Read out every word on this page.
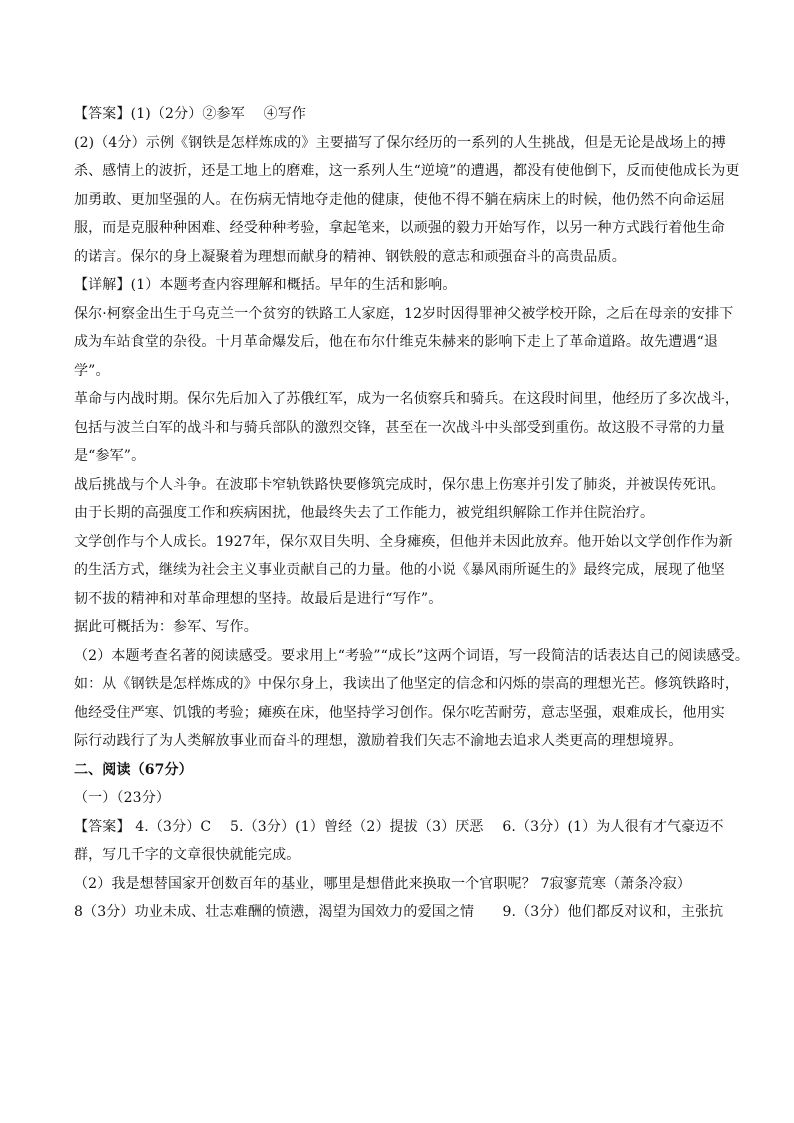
【答案】(1)（2分）②参军　 ④写作
(2)（4分）示例《钢铁是怎样炼成的》主要描写了保尔经历的一系列的人生挑战，但是无论是战场上的搏
杀、感情上的波折，还是工地上的磨难，这一系列人生“逆境”的遭遇，都没有使他倒下，反而使他成长为更
加勇敢、更加坚强的人。在伤病无情地夺走他的健康，使他不得不躺在病床上的时候，他仍然不向命运屈
服，而是克服种种困难、经受种种考验，拿起笔来，以顽强的毅力开始写作，以另一种方式践行着他生命
的诺言。保尔的身上凝聚着为理想而献身的精神、钢铁般的意志和顽强奋斗的高贵品质。
【详解】(1）本题考查内容理解和概括。早年的生活和影响。
保尔·柯察金出生于乌克兰一个贫穷的铁路工人家庭，12岁时因得罪神父被学校开除，之后在母亲的安排下
成为车站食堂的杂役。十月革命爆发后，他在布尔什维克朱赫来的影响下走上了革命道路。故先遭遇“退
学”。
革命与内战时期。保尔先后加入了苏俄红军，成为一名侦察兵和骑兵。在这段时间里，他经历了多次战斗，
包括与波兰白军的战斗和与骑兵部队的激烈交锋，甚至在一次战斗中头部受到重伤。故这股不寻常的力量
是“参军”。
战后挑战与个人斗争。在波耶卡窄轨铁路快要修筑完成时，保尔患上伤寒并引发了肺炎，并被误传死讯。
由于长期的高强度工作和疾病困扰，他最终失去了工作能力，被党组织解除工作并住院治疗。
文学创作与个人成长。1927年，保尔双目失明、全身瘫痪，但他并未因此放弃。他开始以文学创作作为新
的生活方式，继续为社会主义事业贡献自己的力量。他的小说《暴风雨所诞生的》最终完成，展现了他坚
韧不拔的精神和对革命理想的坚持。故最后是进行“写作”。
据此可概括为：参军、写作。
（2）本题考查名著的阅读感受。要求用上“考验”“成长”这两个词语，写一段简洁的话表达自己的阅读感受。
如：从《钢铁是怎样炼成的》中保尔身上，我读出了他坚定的信念和闪烁的崇高的理想光芒。修筑铁路时，
他经受住严寒、饥饿的考验；瘫痪在床，他坚持学习创作。保尔吃苦耐劳，意志坚强，艰难成长，他用实
际行动践行了为人类解放事业而奋斗的理想，激励着我们矢志不渝地去追求人类更高的理想境界。
二、阅读（67分）
（一）（23分）
【答案】 4.（3分）C　 5.（3分）(1）曾经（2）提拔（3）厌恶　 6.（3分）(1）为人很有才气豪迈不
群，写几千字的文章很快就能完成。
（2）我是想替国家开创数百年的基业，哪里是想借此来换取一个官职呢？ 7寂寥荒寒（萧条冷寂）
8（3分）功业未成、壮志难酬的愤懑，渴望为国效力的爱国之情　　9.（3分）他们都反对议和，主张抗
